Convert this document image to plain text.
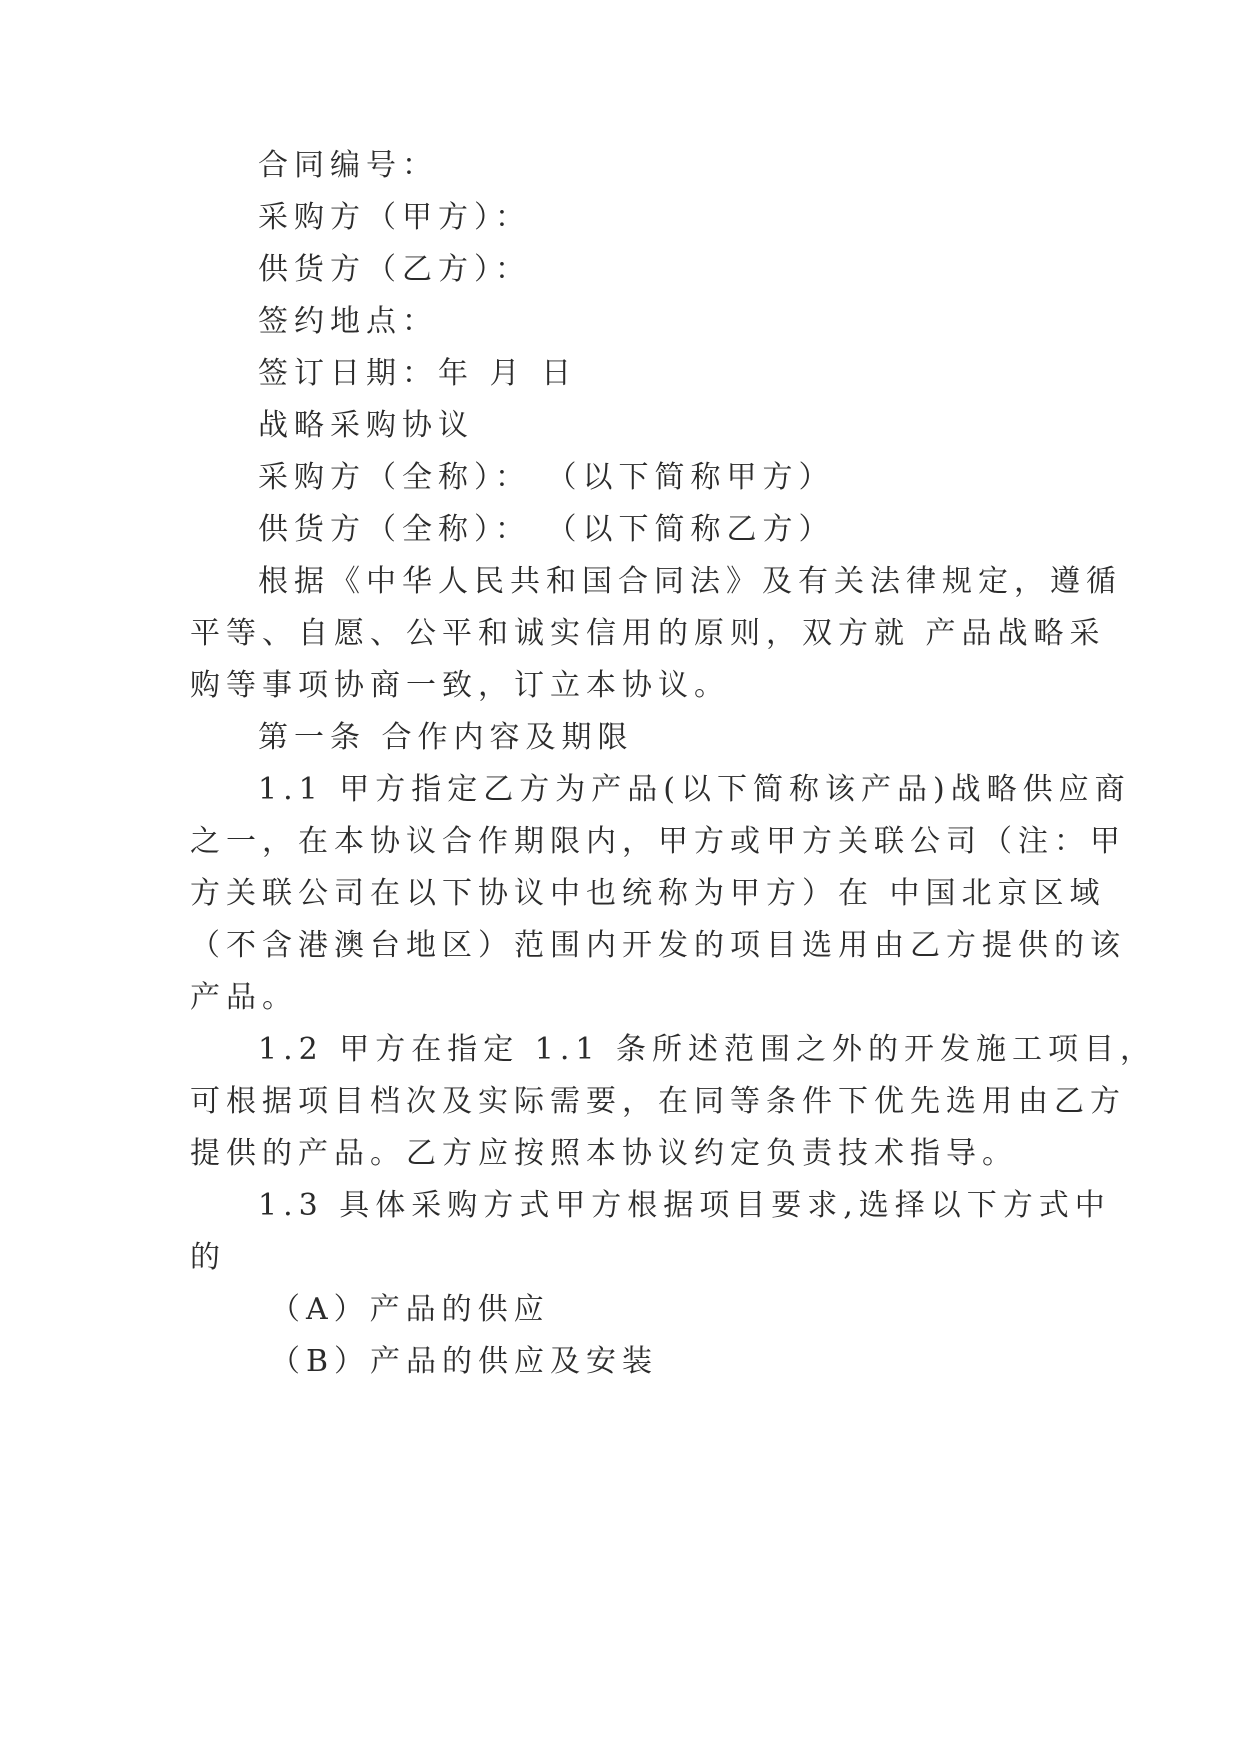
合同编号：
采购方（甲方）：
供货方（乙方）：
签约地点：
签订日期：年 月 日
战略采购协议
采购方（全称）： （以下简称甲方）
供货方（全称）： （以下简称乙方）
根据《中华人民共和国合同法》及有关法律规定，遵循
平等、自愿、公平和诚实信用的原则，双方就 产品战略采
购等事项协商一致，订立本协议。
第一条 合作内容及期限
1.1 甲方指定乙方为产品(以下简称该产品)战略供应商
之一，在本协议合作期限内，甲方或甲方关联公司（注：甲
方关联公司在以下协议中也统称为甲方）在 中国北京区域
（不含港澳台地区）范围内开发的项目选用由乙方提供的该
产品。
1.2 甲方在指定 1.1 条所述范围之外的开发施工项目，
可根据项目档次及实际需要，在同等条件下优先选用由乙方
提供的产品。乙方应按照本协议约定负责技术指导。
1.3 具体采购方式甲方根据项目要求,选择以下方式中
的
（A）产品的供应
（B）产品的供应及安装
